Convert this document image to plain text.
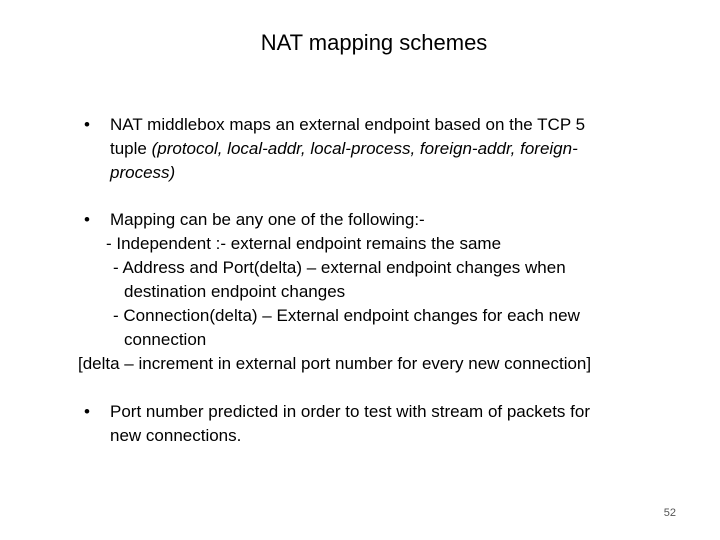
NAT mapping schemes
• NAT middlebox maps an external endpoint based on the TCP 5
tuple (protocol, local-addr, local-process, foreign-addr, foreign-
process)
• Mapping can be any one of the following:-
- Independent :- external endpoint remains the same
- Address and Port(delta) – external endpoint changes when
destination endpoint changes
- Connection(delta) – External endpoint changes for each new
connection
[delta – increment in external port number for every new connection]
• Port number predicted in order to test with stream of packets for
new connections.
52
